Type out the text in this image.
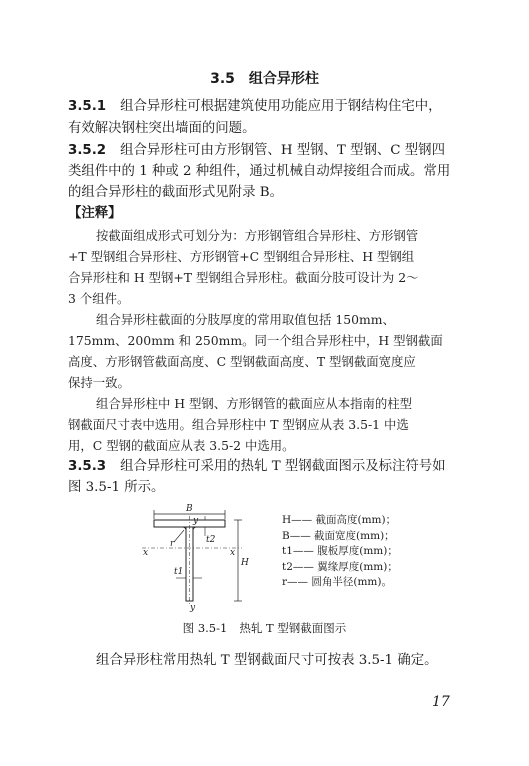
3.5 组合异形柱
3.5.1 组合异形柱可根据建筑使用功能应用于钢结构住宅中，
有效解决钢柱突出墙面的问题。
3.5.2 组合异形柱可由方形钢管、H 型钢、T 型钢、C 型钢四
类组件中的 1 种或 2 种组件，通过机械自动焊接组合而成。常用
的组合异形柱的截面形式见附录 B。
【注释】
按截面组成形式可划分为：方形钢管组合异形柱、方形钢管
+T 型钢组合异形柱、方形钢管+C 型钢组合异形柱、H 型钢组
合异形柱和 H 型钢+T 型钢组合异形柱。截面分肢可设计为 2～
3 个组件。
组合异形柱截面的分肢厚度的常用取值包括 150mm、
175mm、200mm 和 250mm。同一个组合异形柱中，H 型钢截面
高度、方形钢管截面高度、C 型钢截面高度、T 型钢截面宽度应
保持一致。
组合异形柱中 H 型钢、方形钢管的截面应从本指南的柱型
钢截面尺寸表中选用。组合异形柱中 T 型钢应从表 3.5-1 中选
用，C 型钢的截面应从表 3.5-2 中选用。
3.5.3 组合异形柱可采用的热轧 T 型钢截面图示及标注符号如
图 3.5-1 所示。
B
y
y
x	x
r	t2
H
t1
H—— 截面高度(mm)；
B—— 截面宽度(mm)；
t1—— 腹板厚度(mm)；
t2—— 翼缘厚度(mm)；
r—— 圆角半径(mm)。
图 3.5-1 热轧 T 型钢截面图示
组合异形柱常用热轧 T 型钢截面尺寸可按表 3.5-1 确定。
17
